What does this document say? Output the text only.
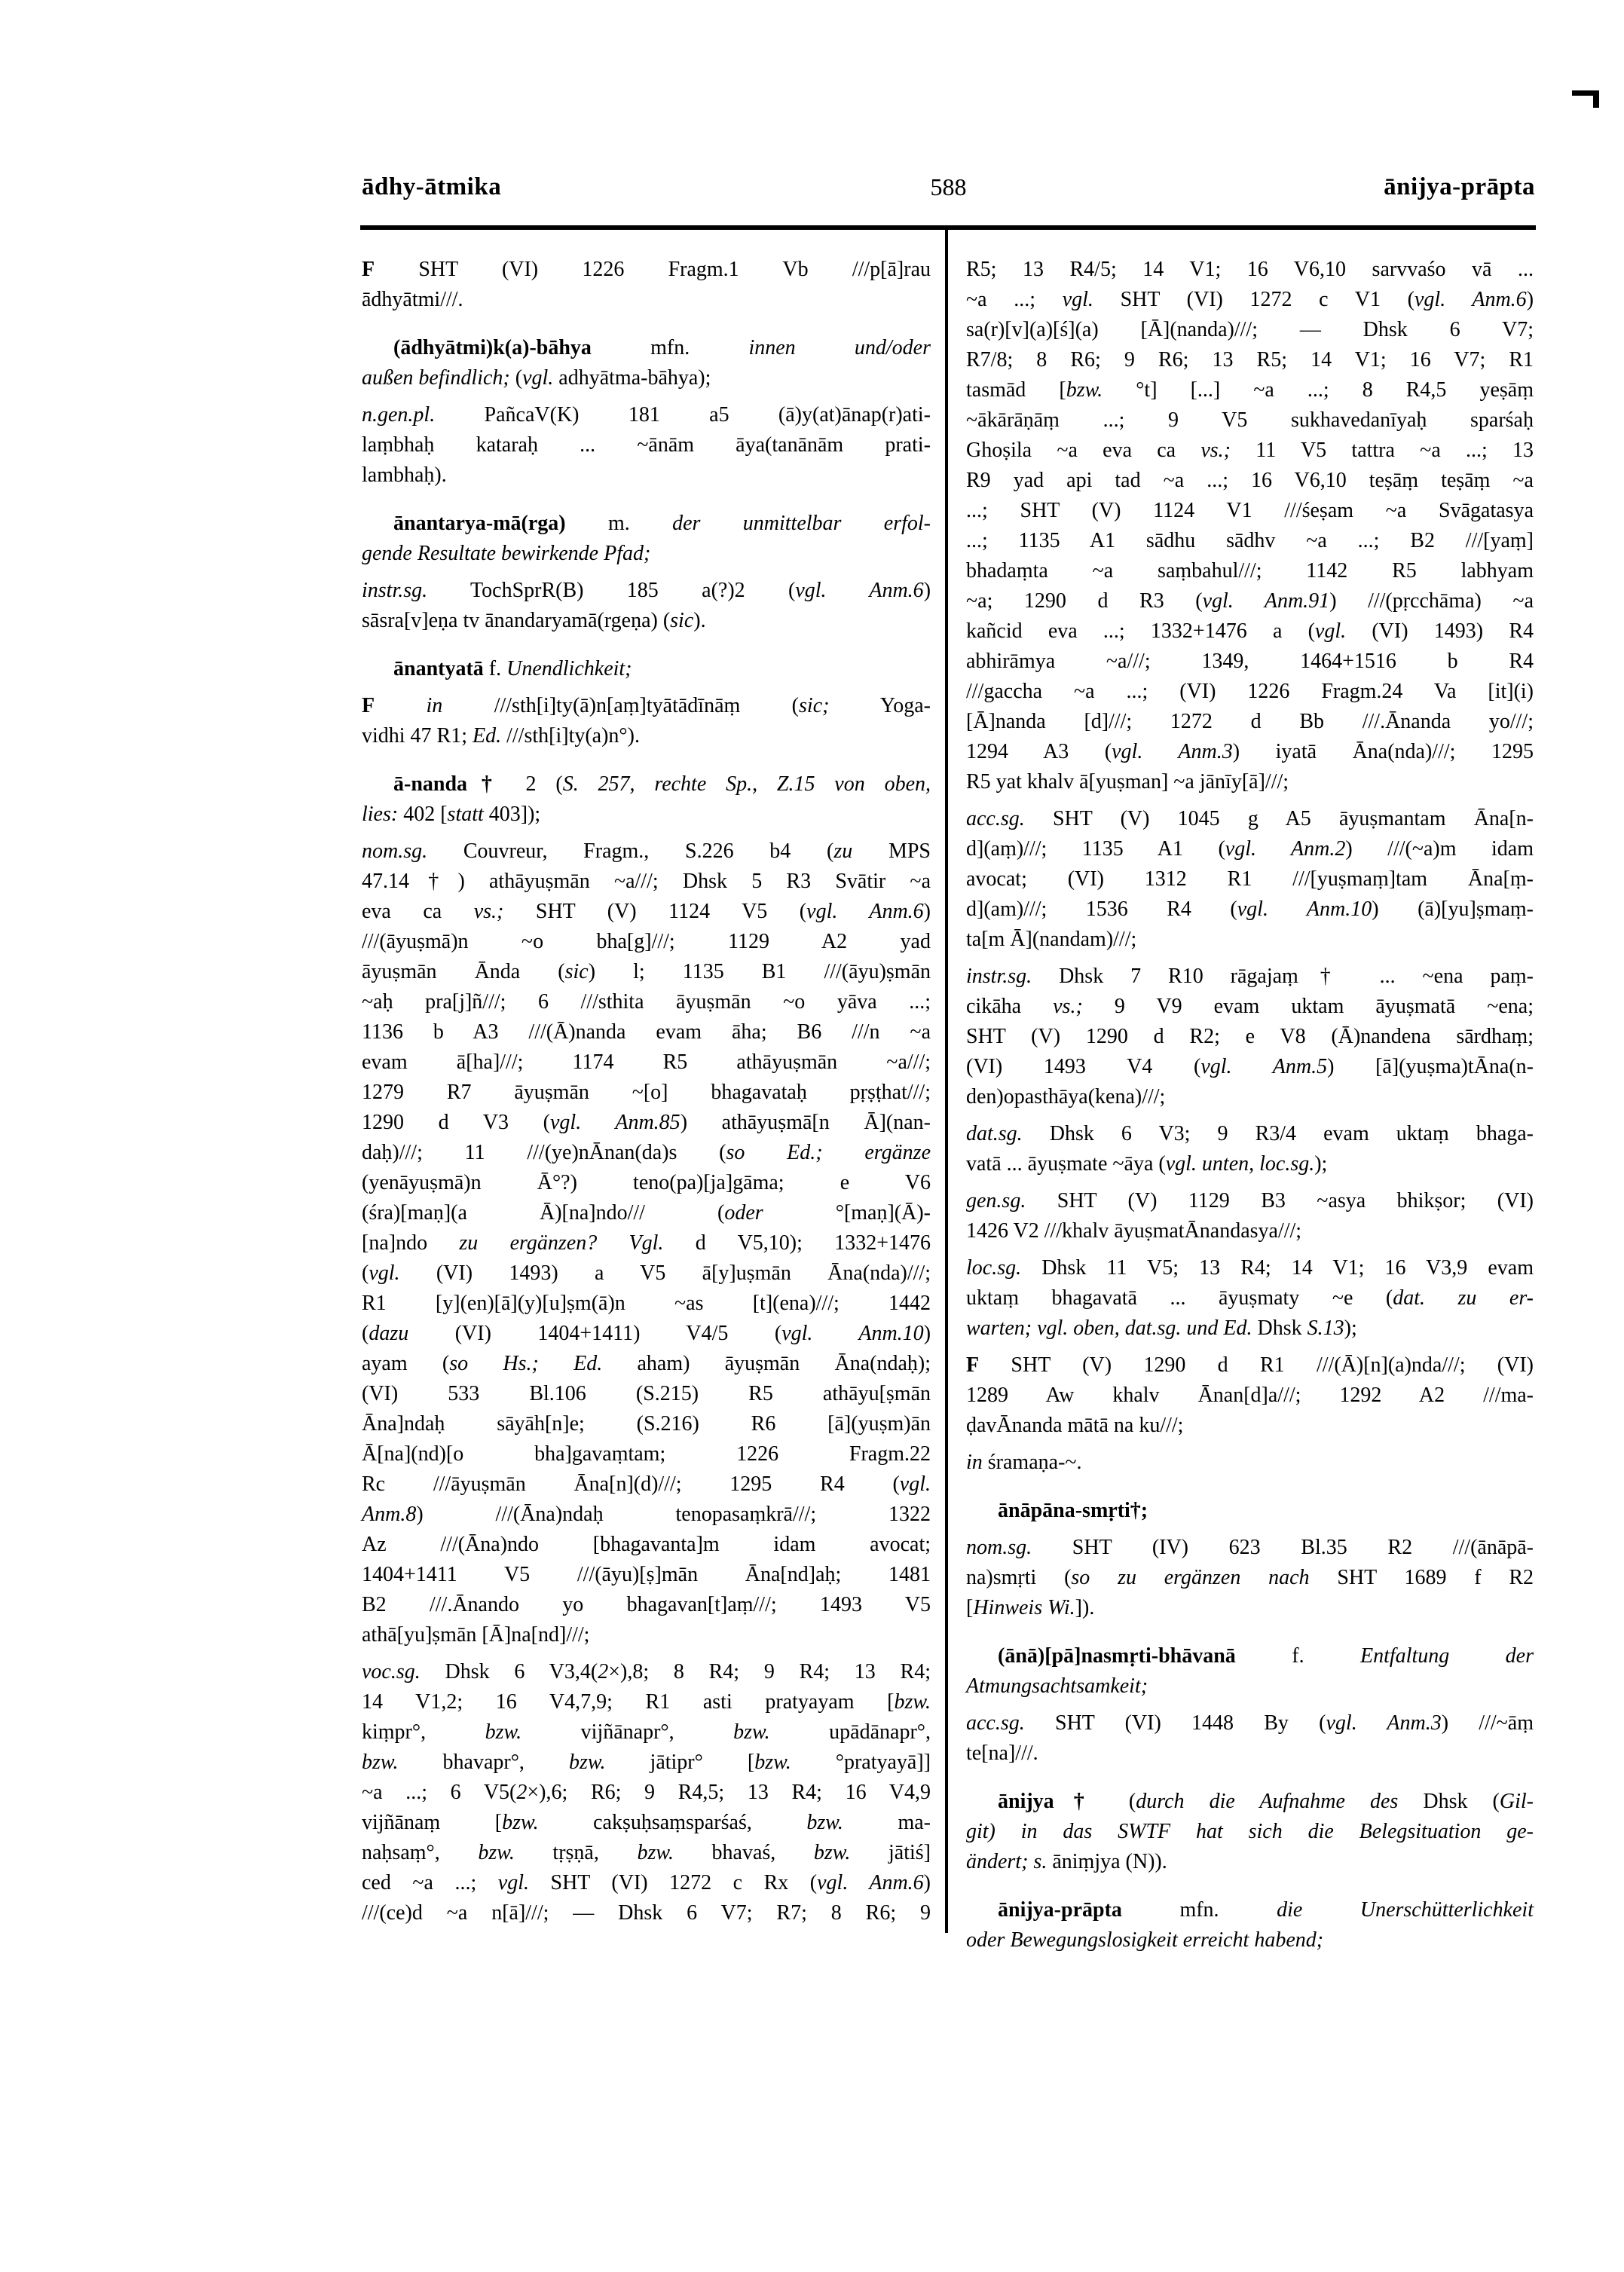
ādhy-ātmika	588	ānijya-prāpta
F SHT (VI) 1226 Fragm.1 Vb ///p[ā]rau
ādhyātmi///.
(ādhyātmi)k(a)-bāhya mfn. innen und/oder
außen befindlich; (vgl. adhyātma-bāhya);
n.gen.pl. PañcaV(K) 181 a5 (ā)y(at)ānap(r)ati-
laṃbhaḥ kataraḥ ... ~ānām āya(tanānām prati-
lambhaḥ).
ānantarya-mā(rga) m. der unmittelbar erfol-
gende Resultate bewirkende Pfad;
instr.sg. TochSprR(B) 185 a(?)2 (vgl. Anm.6)
sāsra[v]eṇa tv ānandaryamā(rgeṇa) (sic).
ānantyatā f. Unendlichkeit;
F in ///sth[i]ty(ā)n[aṃ]tyātādīnāṃ (sic; Yoga-
vidhi 47 R1; Ed. ///sth[i]ty(a)n°).
ā-nanda† 2 (S. 257, rechte Sp., Z.15 von oben,
lies: 402 [statt 403]);
nom.sg. Couvreur, Fragm., S.226 b4 (zu MPS
47.14†) athāyuṣmān ~a///; Dhsk 5 R3 Svātir ~a
eva ca vs.; SHT (V) 1124 V5 (vgl. Anm.6)
///(āyuṣmā)n ~o bha[g]///; 1129 A2 yad
āyuṣmān Ānda (sic) l; 1135 B1 ///(āyu)ṣmān
~aḥ pra[j]ñ///; 6 ///sthita āyuṣmān ~o yāva ...;
1136 b A3 ///(Ā)nanda evam āha; B6 ///n ~a
evam ā[ha]///; 1174 R5 athāyuṣmān ~a///;
1279 R7 āyuṣmān ~[o] bhagavataḥ pṛṣṭhat///;
1290 d V3 (vgl. Anm.85) athāyuṣmā[n Ā](nan-
daḥ)///; 11 ///(ye)nĀnan(da)s (so Ed.; ergänze
(yenāyuṣmā)n Ā°?) teno(pa)[ja]gāma; e V6
(śra)[maṇ](a Ā)[na]ndo/// (oder °[maṇ](Ā)-
[na]ndo zu ergänzen? Vgl. d V5,10); 1332+1476
(vgl. (VI) 1493) a V5 ā[y]uṣmān Āna(nda)///;
R1 [y](en)[ā](y)[u]ṣm(ā)n ~as [t](ena)///; 1442
(dazu (VI) 1404+1411) V4/5 (vgl. Anm.10)
ayam (so Hs.; Ed. aham) āyuṣmān Āna(ndaḥ);
(VI) 533 Bl.106 (S.215) R5 athāyu[ṣmān
Āna]ndaḥ sāyāh[n]e; (S.216) R6 [ā](yuṣm)ān
Ā[na](nd)[o bha]gavaṃtam; 1226 Fragm.22
Rc ///āyuṣmān Āna[n](d)///; 1295 R4 (vgl.
Anm.8) ///(Āna)ndaḥ tenopasaṃkrā///; 1322
Az ///(Āna)ndo [bhagavanta]m idam avocat;
1404+1411 V5 ///(āyu)[ṣ]mān Āna[nd]aḥ; 1481
B2 ///.Ānando yo bhagavan[t]aṃ///; 1493 V5
athā[yu]ṣmān [Ā]na[nd]///;
voc.sg. Dhsk 6 V3,4(2×),8; 8 R4; 9 R4; 13 R4;
14 V1,2; 16 V4,7,9; R1 asti pratyayam [bzw.
kiṃpr°, bzw. vijñānapr°, bzw. upādānapr°,
bzw. bhavapr°, bzw. jātipr° [bzw. °pratyayā]]
~a ...; 6 V5(2×),6; R6; 9 R4,5; 13 R4; 16 V4,9
vijñānaṃ [bzw. cakṣuḥsaṃsparśaś, bzw. ma-
naḥsaṃ°, bzw. tṛṣṇā, bzw. bhavaś, bzw. jātiś]
ced ~a ...; vgl. SHT (VI) 1272 c Rx (vgl. Anm.6)
///(ce)d ~a n[ā]///; — Dhsk 6 V7; R7; 8 R6; 9
R5; 13 R4/5; 14 V1; 16 V6,10 sarvvaśo vā ...
~a ...; vgl. SHT (VI) 1272 c V1 (vgl. Anm.6)
sa(r)[v](a)[ś](a) [Ā](nanda)///; — Dhsk 6 V7;
R7/8; 8 R6; 9 R6; 13 R5; 14 V1; 16 V7; R1
tasmād [bzw. °t] [...] ~a ...; 8 R4,5 yeṣāṃ
~ākārāṇāṃ ...; 9 V5 sukhavedanīyaḥ sparśaḥ
Ghoṣila ~a eva ca vs.; 11 V5 tattra ~a ...; 13
R9 yad api tad ~a ...; 16 V6,10 teṣāṃ teṣāṃ ~a
...; SHT (V) 1124 V1 ///śeṣam ~a Svāgatasya
...; 1135 A1 sādhu sādhv ~a ...; B2 ///[yaṃ]
bhadaṃta ~a saṃbahul///; 1142 R5 labhyam
~a; 1290 d R3 (vgl. Anm.91) ///(pṛcchāma) ~a
kañcid eva ...; 1332+1476 a (vgl. (VI) 1493) R4
abhirāmya ~a///; 1349, 1464+1516 b R4
///gaccha ~a ...; (VI) 1226 Fragm.24 Va [it](i)
[Ā]nanda [d]///; 1272 d Bb ///.Ānanda yo///;
1294 A3 (vgl. Anm.3) iyatā Āna(nda)///; 1295
R5 yat khalv ā[yuṣman] ~a jānīy[ā]///;
acc.sg. SHT (V) 1045 g A5 āyuṣmantam Āna[n-
d](aṃ)///; 1135 A1 (vgl. Anm.2) ///(~a)m idam
avocat; (VI) 1312 R1 ///[yuṣmaṃ]tam Āna[ṃ-
d](am)///; 1536 R4 (vgl. Anm.10) (ā)[yu]ṣmaṃ-
ta[m Ā](nandam)///;
instr.sg. Dhsk 7 R10 rāgajaṃ† ... ~ena paṃ-
cikāha vs.; 9 V9 evam uktam āyuṣmatā ~ena;
SHT (V) 1290 d R2; e V8 (Ā)nandena sārdhaṃ;
(VI) 1493 V4 (vgl. Anm.5) [ā](yuṣma)tĀna(n-
den)opasthāya(kena)///;
dat.sg. Dhsk 6 V3; 9 R3/4 evam uktaṃ bhaga-
vatā ... āyuṣmate ~āya (vgl. unten, loc.sg.);
gen.sg. SHT (V) 1129 B3 ~asya bhikṣor; (VI)
1426 V2 ///khalv āyuṣmatĀnandasya///;
loc.sg. Dhsk 11 V5; 13 R4; 14 V1; 16 V3,9 evam
uktaṃ bhagavatā ... āyuṣmaty ~e (dat. zu er-
warten; vgl. oben, dat.sg. und Ed. Dhsk S.13);
F SHT (V) 1290 d R1 ///(Ā)[n](a)nda///; (VI)
1289 Aw khalv Ānan[d]a///; 1292 A2 ///ma-
ḍavĀnanda mātā na ku///;
in śramaṇa-~.
ānāpāna-smṛti†;
nom.sg. SHT (IV) 623 Bl.35 R2 ///(ānāpā-
na)smṛti (so zu ergänzen nach SHT 1689 f R2
[Hinweis Wi.]).
(ānā)[pā]nasmṛti-bhāvanā f. Entfaltung der
Atmungsachtsamkeit;
acc.sg. SHT (VI) 1448 By (vgl. Anm.3) ///~āṃ
te[na]///.
ānijya† (durch die Aufnahme des Dhsk (Gil-
git) in das SWTF hat sich die Belegsituation ge-
ändert; s. āniṃjya (N)).
ānijya-prāpta mfn. die Unerschütterlichkeit
oder Bewegungslosigkeit erreicht habend;
